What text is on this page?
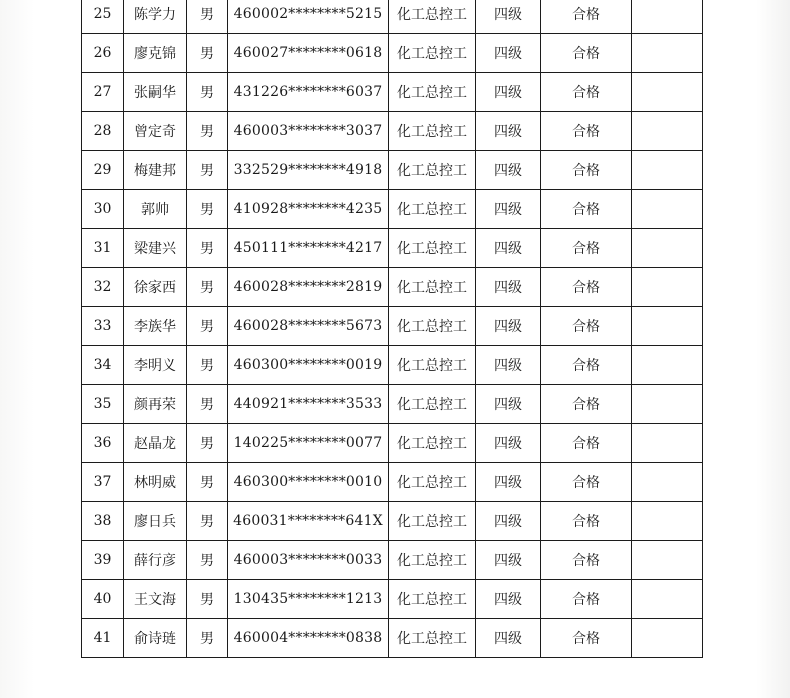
25	陈学力	男	460002********5215	化工总控工	四级	合格	
26	廖克锦	男	460027********0618	化工总控工	四级	合格	
27	张嗣华	男	431226********6037	化工总控工	四级	合格	
28	曾定奇	男	460003********3037	化工总控工	四级	合格	
29	梅建邦	男	332529********4918	化工总控工	四级	合格	
30	郭帅	男	410928********4235	化工总控工	四级	合格	
31	梁建兴	男	450111********4217	化工总控工	四级	合格	
32	徐家西	男	460028********2819	化工总控工	四级	合格	
33	李族华	男	460028********5673	化工总控工	四级	合格	
34	李明义	男	460300********0019	化工总控工	四级	合格	
35	颜再荣	男	440921********3533	化工总控工	四级	合格	
36	赵晶龙	男	140225********0077	化工总控工	四级	合格	
37	林明威	男	460300********0010	化工总控工	四级	合格	
38	廖日兵	男	460031********641X	化工总控工	四级	合格	
39	薛行彦	男	460003********0033	化工总控工	四级	合格	
40	王文海	男	130435********1213	化工总控工	四级	合格	
41	俞诗琏	男	460004********0838	化工总控工	四级	合格	
